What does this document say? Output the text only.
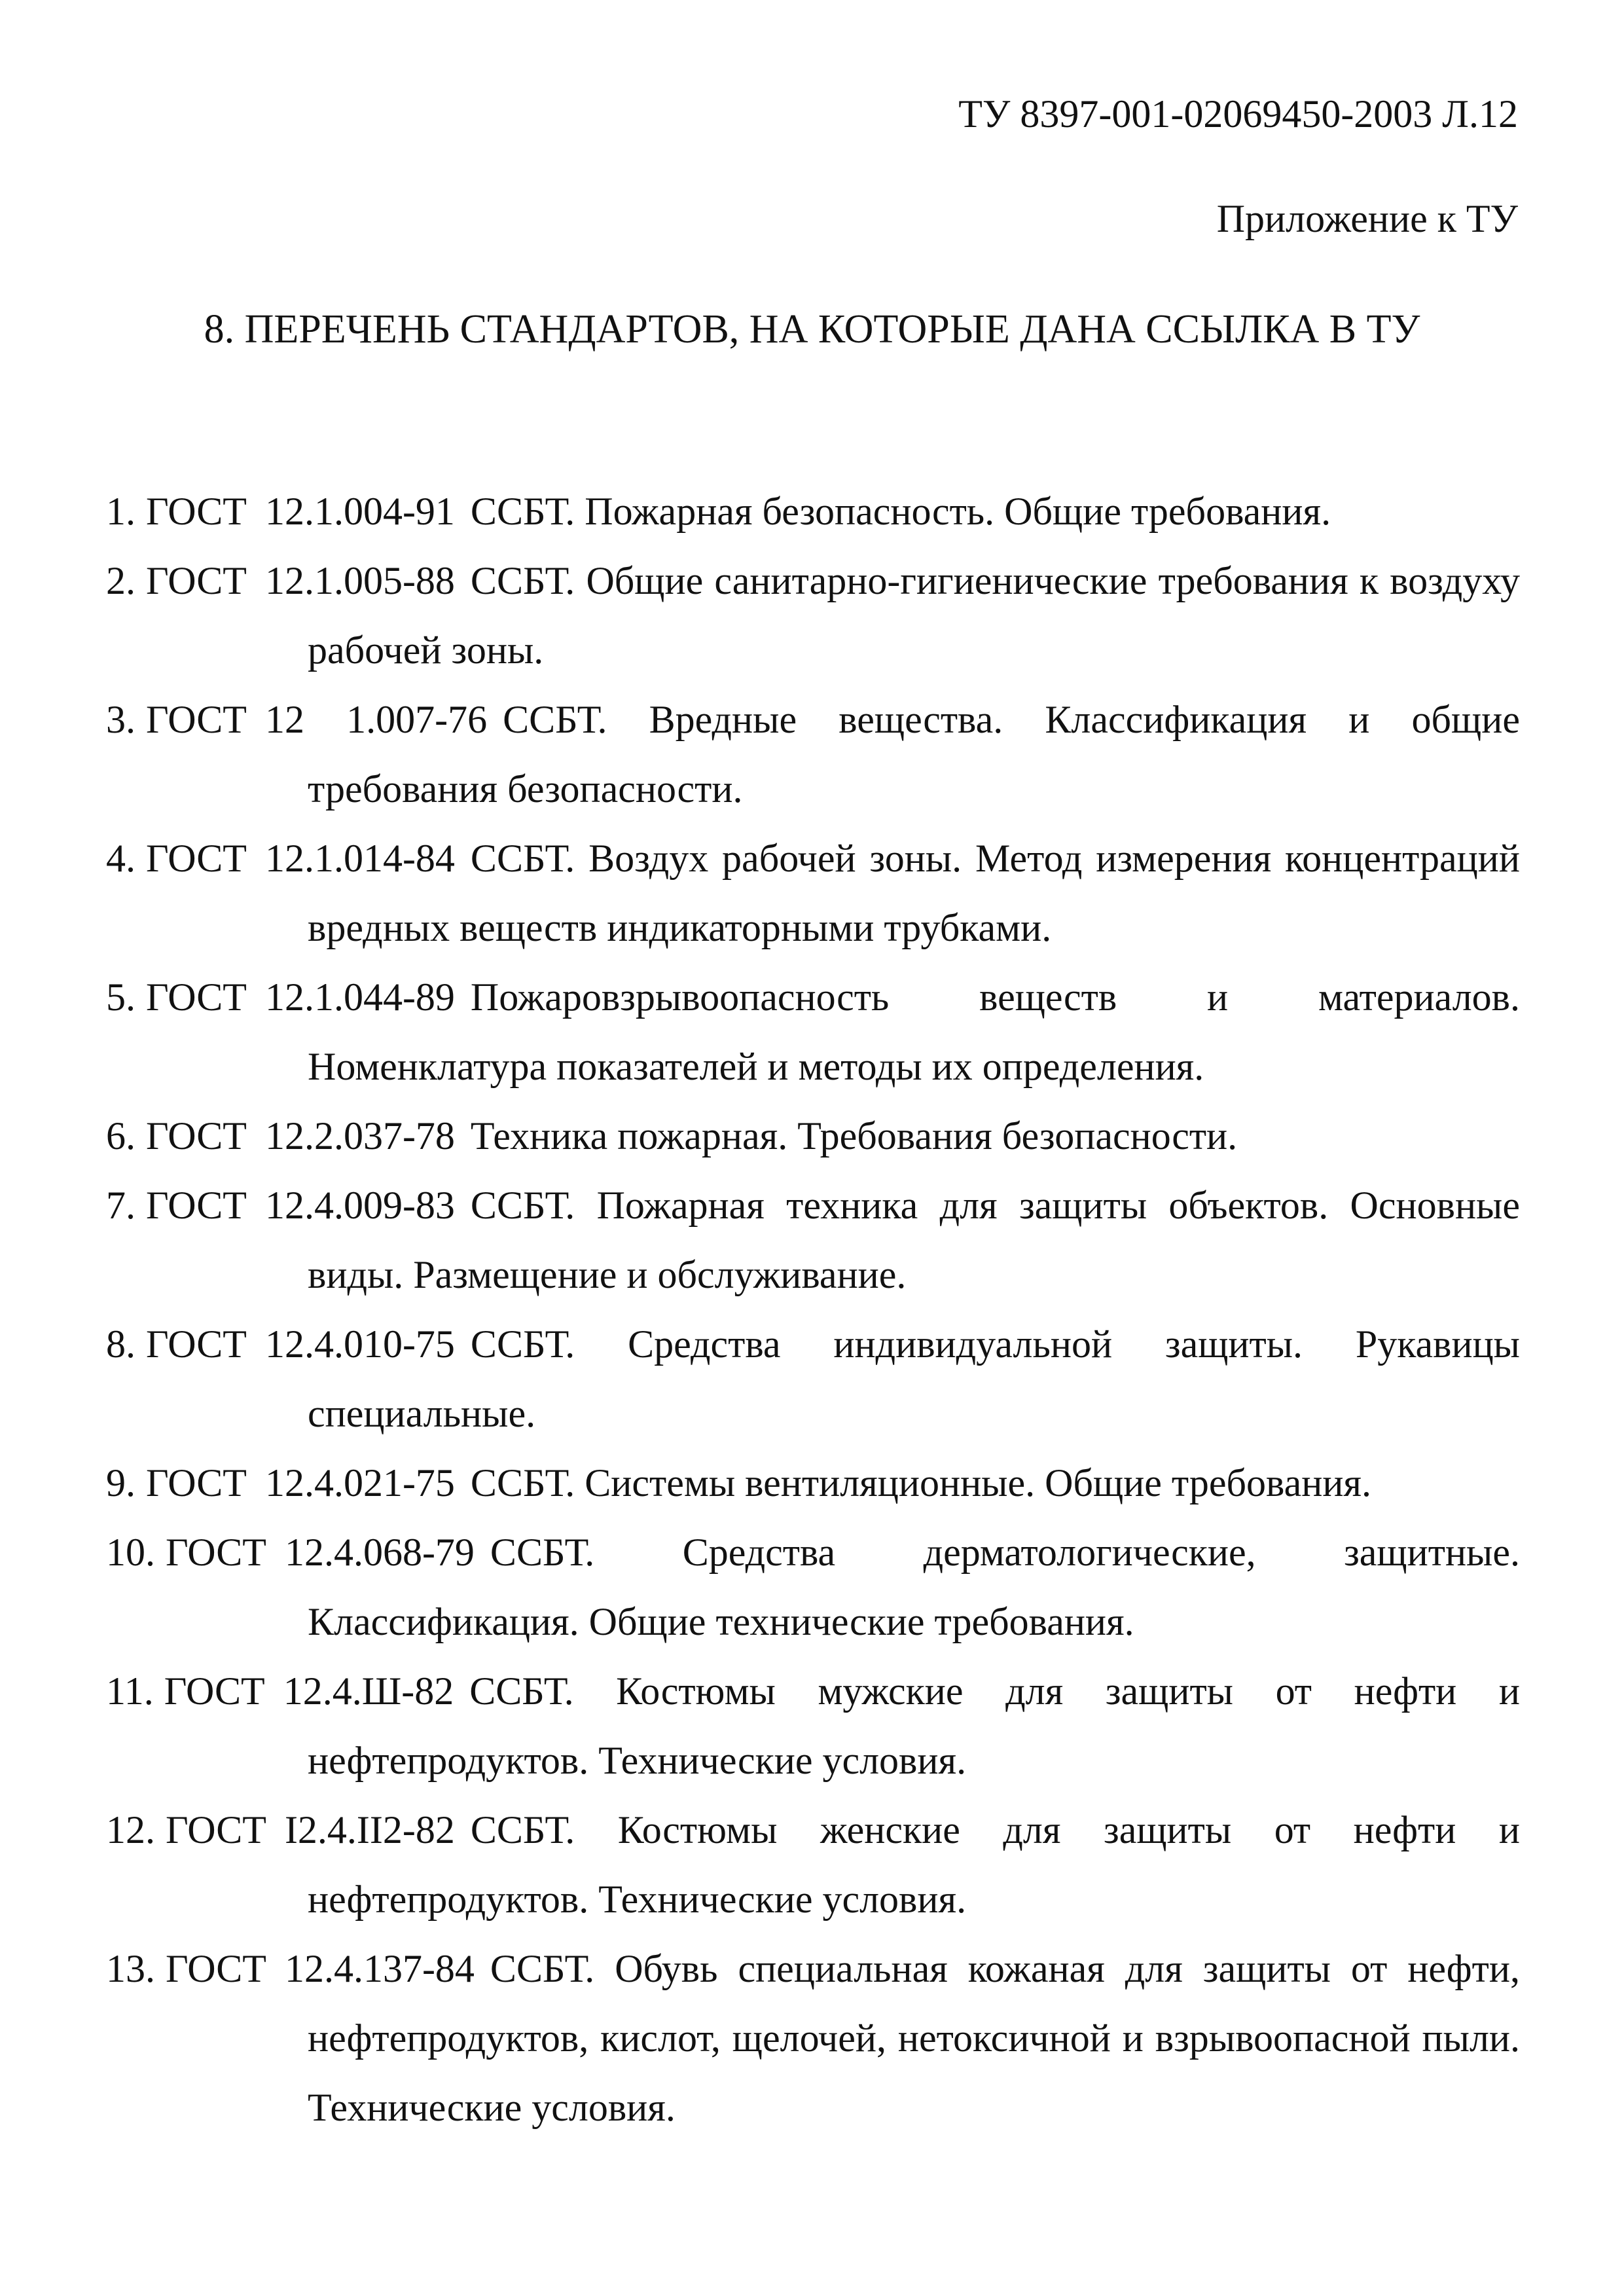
ТУ 8397-001-02069450-2003 Л.12
Приложение к ТУ
8. ПЕРЕЧЕНЬ СТАНДАРТОВ, НА КОТОРЫЕ ДАНА ССЫЛКА В ТУ
1. ГОСТ 12.1.004-91 ССБТ. Пожарная безопасность. Общие требования.
2. ГОСТ 12.1.005-88 ССБТ. Общие санитарно-гигиенические требования к воздуху рабочей зоны.
3. ГОСТ 12 1.007-76 ССБТ. Вредные вещества. Классификация и общие требования безопасности.
4. ГОСТ 12.1.014-84 ССБТ. Воздух рабочей зоны. Метод измерения концентраций вредных веществ индикаторными трубками.
5. ГОСТ 12.1.044-89 Пожаровзрывоопасность веществ и материалов. Номенклатура показателей и методы их определения.
6. ГОСТ 12.2.037-78 Техника пожарная. Требования безопасности.
7. ГОСТ 12.4.009-83 ССБТ. Пожарная техника для защиты объектов. Основные виды. Размещение и обслуживание.
8. ГОСТ 12.4.010-75 ССБТ. Средства индивидуальной защиты. Рукавицы специальные.
9. ГОСТ 12.4.021-75 ССБТ. Системы вентиляционные. Общие требования.
10. ГОСТ 12.4.068-79 ССБТ. Средства дерматологические, защитные. Классификация. Общие технические требования.
11. ГОСТ 12.4.Ш-82 ССБТ. Костюмы мужские для защиты от нефти и нефтепродуктов. Технические условия.
12. ГОСТ I2.4.II2-82 ССБТ. Костюмы женские для защиты от нефти и нефтепродуктов. Технические условия.
13. ГОСТ 12.4.137-84 ССБТ. Обувь специальная кожаная для защиты от нефти, нефтепродуктов, кислот, щелочей, нетоксичной и взрывоопасной пыли. Технические условия.
